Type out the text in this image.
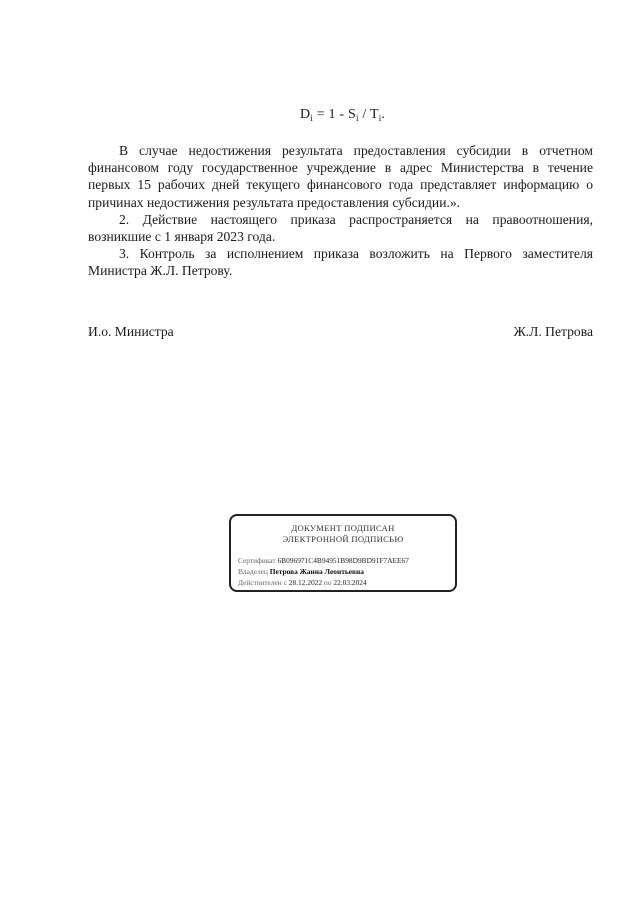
$D_i = 1 - S_i / T_i$.

В случае недостижения результата предоставления субсидии в отчетном финансовом году государственное учреждение в адрес Министерства в течение первых 15 рабочих дней текущего финансового года представляет информацию о причинах недостижения результата предоставления субсидии.».

2. Действие настоящего приказа распространяется на правоотношения, возникшие с 1 января 2023 года.

3. Контроль за исполнением приказа возложить на Первого заместителя Министра Ж.Л. Петрову.

И.о. Министра	Ж.Л. Петрова
ДОКУМЕНТ ПОДПИСАН
ЭЛЕКТРОННОЙ ПОДПИСЬЮ
Сертификат 6B096971C4B94951B98D9BD91F7AEE67
Владелец Петрова Жанна Леонтьевна
Действителен с 28.12.2022 по 22.03.2024
